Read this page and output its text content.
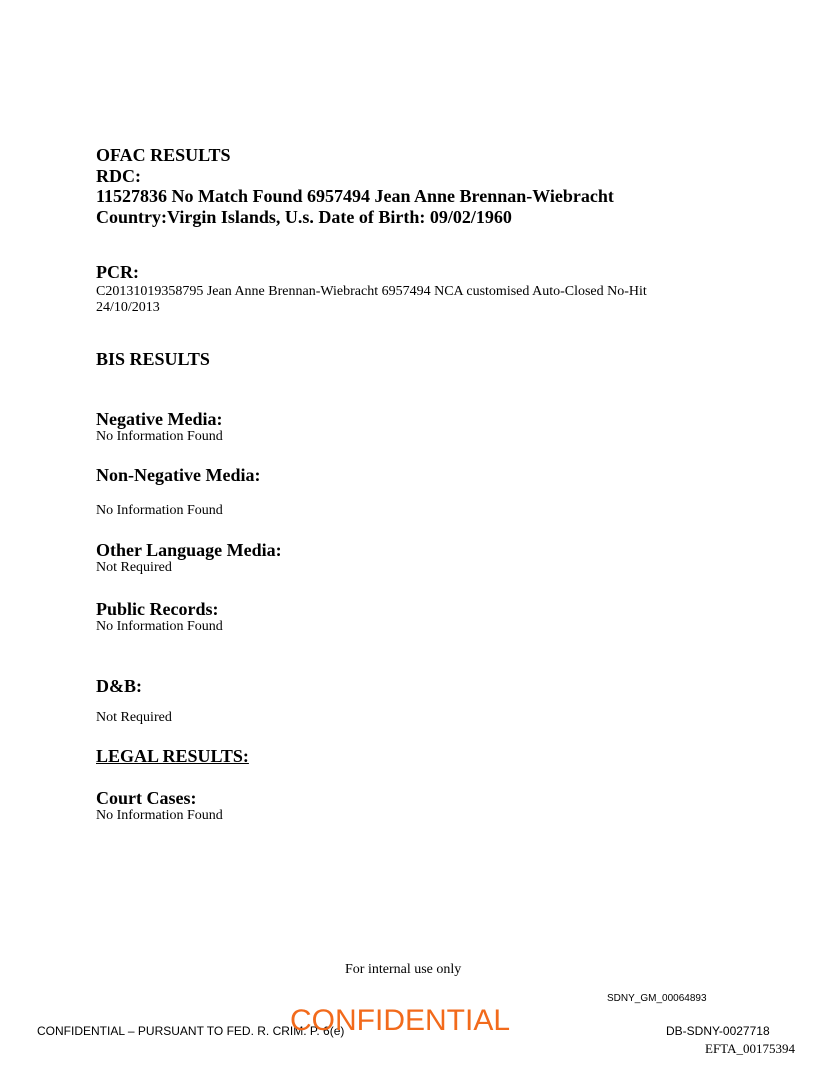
OFAC RESULTS
RDC:
11527836 No Match Found 6957494 Jean Anne Brennan-Wiebracht
Country:Virgin Islands, U.s. Date of Birth: 09/02/1960
PCR:
C20131019358795 Jean Anne Brennan-Wiebracht 6957494 NCA customised Auto-Closed No-Hit
24/10/2013
BIS RESULTS
Negative Media:
No Information Found
Non-Negative Media:
No Information Found
Other Language Media:
Not Required
Public Records:
No Information Found
D&B:
Not Required
LEGAL RESULTS:
Court Cases:
No Information Found
For internal use only
SDNY_GM_00064893
CONFIDENTIAL – PURSUANT TO FED. R. CRIM. P. 6(e)
CONFIDENTIAL	DB-SDNY-0027718
EFTA_00175394
